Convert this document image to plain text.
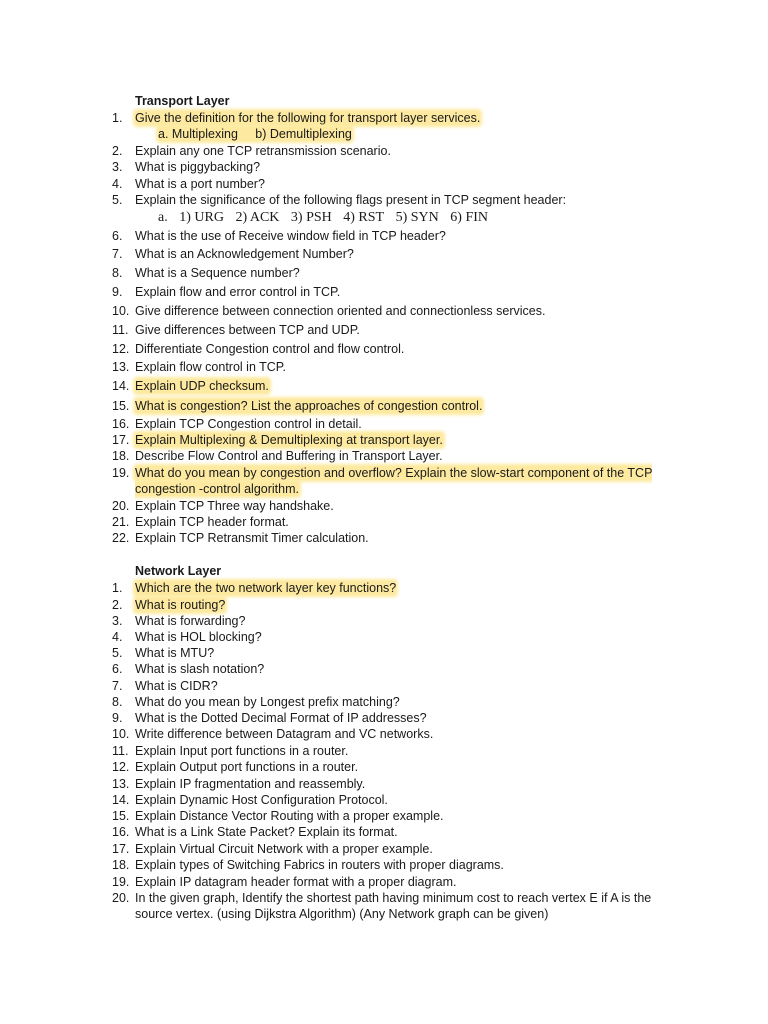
Transport Layer
1.	Give the definition for the following for transport layer services.
a. Multiplexing b) Demultiplexing
2.	Explain any one TCP retransmission scenario.
3.	What is piggybacking?
4.	What is a port number?
5.	Explain the significance of the following flags present in TCP segment header:
a. 1) URG 2) ACK 3) PSH 4) RST 5) SYN 6) FIN
6.	What is the use of Receive window field in TCP header?
7.	What is an Acknowledgement Number?
8.	What is a Sequence number?
9.	Explain flow and error control in TCP.
10. Give difference between connection oriented and connectionless services.
11. Give differences between TCP and UDP.
12. Differentiate Congestion control and flow control.
13. Explain flow control in TCP.
14. Explain UDP checksum.
15. What is congestion? List the approaches of congestion control.
16. Explain TCP Congestion control in detail.
17. Explain Multiplexing & Demultiplexing at transport layer.
18. Describe Flow Control and Buffering in Transport Layer.
19. What do you mean by congestion and overflow? Explain the slow-start component of the TCP congestion -control algorithm.
20. Explain TCP Three way handshake.
21. Explain TCP header format.
22. Explain TCP Retransmit Timer calculation.
Network Layer
1.	Which are the two network layer key functions?
2.	What is routing?
3.	What is forwarding?
4.	What is HOL blocking?
5.	What is MTU?
6.	What is slash notation?
7.	What is CIDR?
8.	What do you mean by Longest prefix matching?
9.	What is the Dotted Decimal Format of IP addresses?
10. Write difference between Datagram and VC networks.
11. Explain Input port functions in a router.
12. Explain Output port functions in a router.
13. Explain IP fragmentation and reassembly.
14. Explain Dynamic Host Configuration Protocol.
15. Explain Distance Vector Routing with a proper example.
16. What is a Link State Packet? Explain its format.
17. Explain Virtual Circuit Network with a proper example.
18. Explain types of Switching Fabrics in routers with proper diagrams.
19. Explain IP datagram header format with a proper diagram.
20. In the given graph, Identify the shortest path having minimum cost to reach vertex E if A is the source vertex. (using Dijkstra Algorithm) (Any Network graph can be given)
